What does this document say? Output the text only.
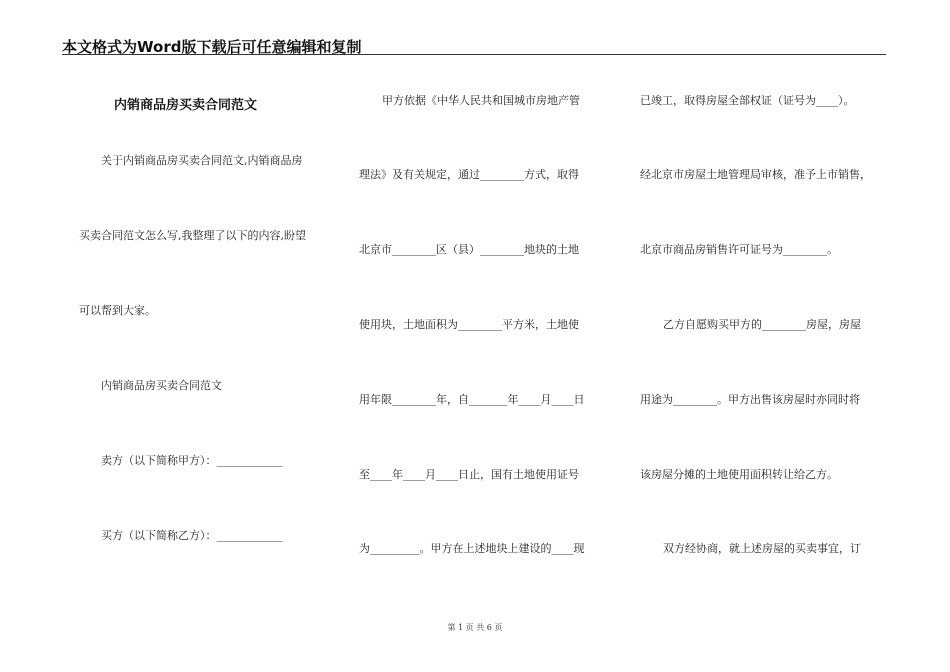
本文格式为Word版下载后可任意编辑和复制
内销商品房买卖合同范文
关于内销商品房买卖合同范文,内销商品房
买卖合同范文怎么写,我整理了以下的内容,盼望
可以帮到大家。
内销商品房买卖合同范文
卖方（以下简称甲方）：____________
买方（以下简称乙方）：____________
甲方依据《中华人民共和国城市房地产管
理法》及有关规定，通过________方式，取得
北京市________区（县）________地块的土地
使用块，土地面积为________平方米，土地使
用年限________年，自_______年____月____日
至____年____月____日止，国有土地使用证号
为_________。甲方在上述地块上建设的____现
已竣工，取得房屋全部权证（证号为____）。
经北京市房屋土地管理局审核，准予上市销售，
北京市商品房销售许可证号为________。
乙方自愿购买甲方的________房屋，房屋
用途为________。甲方出售该房屋时亦同时将
该房屋分摊的土地使用面积转让给乙方。
双方经协商，就上述房屋的买卖事宜，订
第 1 页 共 6 页
